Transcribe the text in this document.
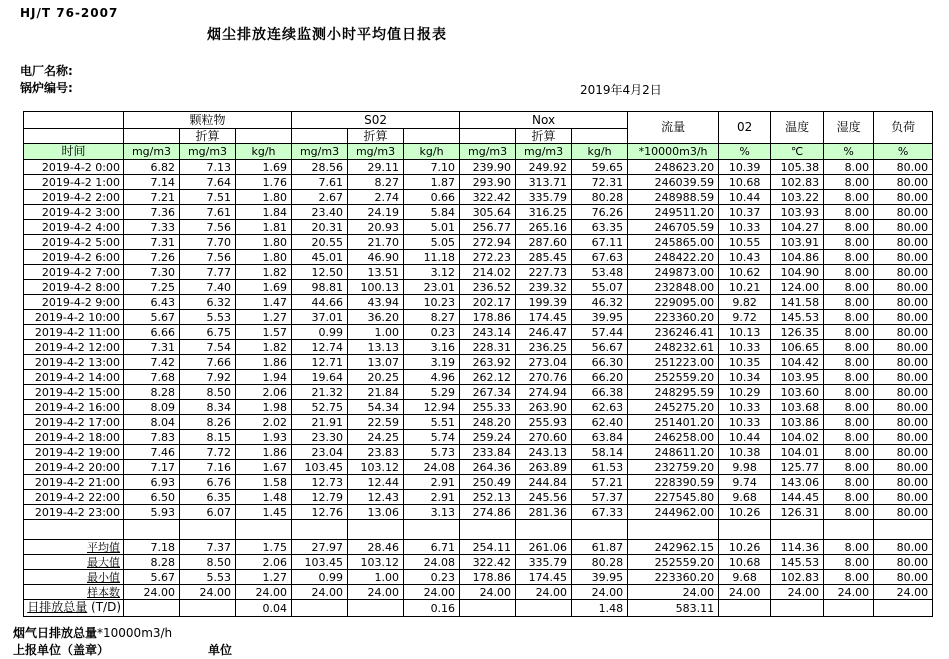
HJ/T 76-2007
烟尘排放连续监测小时平均值日报表
电厂名称:
锅炉编号:	2019年4月2日
	颗粒物			S02			Nox			流量	02	温度	湿度	负荷
		折算			折算			折算						
时间	mg/m3	mg/m3	kg/h	mg/m3	mg/m3	kg/h	mg/m3	mg/m3	kg/h	*10000m3/h	%	℃	%	%
2019-4-2 0:00	6.82	7.13	1.69	28.56	29.11	7.10	239.90	249.92	59.65	248623.20	10.39	105.38	8.00	80.00
2019-4-2 1:00	7.14	7.64	1.76	7.61	8.27	1.87	293.90	313.71	72.31	246039.59	10.68	102.83	8.00	80.00
2019-4-2 2:00	7.21	7.51	1.80	2.67	2.74	0.66	322.42	335.79	80.28	248988.59	10.44	103.22	8.00	80.00
2019-4-2 3:00	7.36	7.61	1.84	23.40	24.19	5.84	305.64	316.25	76.26	249511.20	10.37	103.93	8.00	80.00
2019-4-2 4:00	7.33	7.56	1.81	20.31	20.93	5.01	256.77	265.16	63.35	246705.59	10.33	104.27	8.00	80.00
2019-4-2 5:00	7.31	7.70	1.80	20.55	21.70	5.05	272.94	287.60	67.11	245865.00	10.55	103.91	8.00	80.00
2019-4-2 6:00	7.26	7.56	1.80	45.01	46.90	11.18	272.23	285.45	67.63	248422.20	10.43	104.86	8.00	80.00
2019-4-2 7:00	7.30	7.77	1.82	12.50	13.51	3.12	214.02	227.73	53.48	249873.00	10.62	104.90	8.00	80.00
2019-4-2 8:00	7.25	7.40	1.69	98.81	100.13	23.01	236.52	239.32	55.07	232848.00	10.21	124.00	8.00	80.00
2019-4-2 9:00	6.43	6.32	1.47	44.66	43.94	10.23	202.17	199.39	46.32	229095.00	9.82	141.58	8.00	80.00
2019-4-2 10:00	5.67	5.53	1.27	37.01	36.20	8.27	178.86	174.45	39.95	223360.20	9.72	145.53	8.00	80.00
2019-4-2 11:00	6.66	6.75	1.57	0.99	1.00	0.23	243.14	246.47	57.44	236246.41	10.13	126.35	8.00	80.00
2019-4-2 12:00	7.31	7.54	1.82	12.74	13.13	3.16	228.31	236.25	56.67	248232.61	10.33	106.65	8.00	80.00
2019-4-2 13:00	7.42	7.66	1.86	12.71	13.07	3.19	263.92	273.04	66.30	251223.00	10.35	104.42	8.00	80.00
2019-4-2 14:00	7.68	7.92	1.94	19.64	20.25	4.96	262.12	270.76	66.20	252559.20	10.34	103.95	8.00	80.00
2019-4-2 15:00	8.28	8.50	2.06	21.32	21.84	5.29	267.34	274.94	66.38	248295.59	10.29	103.60	8.00	80.00
2019-4-2 16:00	8.09	8.34	1.98	52.75	54.34	12.94	255.33	263.90	62.63	245275.20	10.33	103.68	8.00	80.00
2019-4-2 17:00	8.04	8.26	2.02	21.91	22.59	5.51	248.20	255.93	62.40	251401.20	10.33	103.86	8.00	80.00
2019-4-2 18:00	7.83	8.15	1.93	23.30	24.25	5.74	259.24	270.60	63.84	246258.00	10.44	104.02	8.00	80.00
2019-4-2 19:00	7.46	7.72	1.86	23.04	23.83	5.73	233.84	243.13	58.14	248611.20	10.38	104.01	8.00	80.00
2019-4-2 20:00	7.17	7.16	1.67	103.45	103.12	24.08	264.36	263.89	61.53	232759.20	9.98	125.77	8.00	80.00
2019-4-2 21:00	6.93	6.76	1.58	12.73	12.44	2.91	250.49	244.84	57.21	228390.59	9.74	143.06	8.00	80.00
2019-4-2 22:00	6.50	6.35	1.48	12.79	12.43	2.91	252.13	245.56	57.37	227545.80	9.68	144.45	8.00	80.00
2019-4-2 23:00	5.93	6.07	1.45	12.76	13.06	3.13	274.86	281.36	67.33	244962.00	10.26	126.31	8.00	80.00

平均值	7.18	7.37	1.75	27.97	28.46	6.71	254.11	261.06	61.87	242962.15	10.26	114.36	8.00	80.00
最大值	8.28	8.50	2.06	103.45	103.12	24.08	322.42	335.79	80.28	252559.20	10.68	145.53	8.00	80.00
最小值	5.67	5.53	1.27	0.99	1.00	0.23	178.86	174.45	39.95	223360.20	9.68	102.83	8.00	80.00
样本数	24.00	24.00	24.00	24.00	24.00	24.00	24.00	24.00	24.00	24.00	24.00	24.00	24.00	24.00

日排放总量 (T/D)			0.04			0.16			1.48	583.11				
烟气日排放总量*10000m3/h
上报单位（盖章）	单位
